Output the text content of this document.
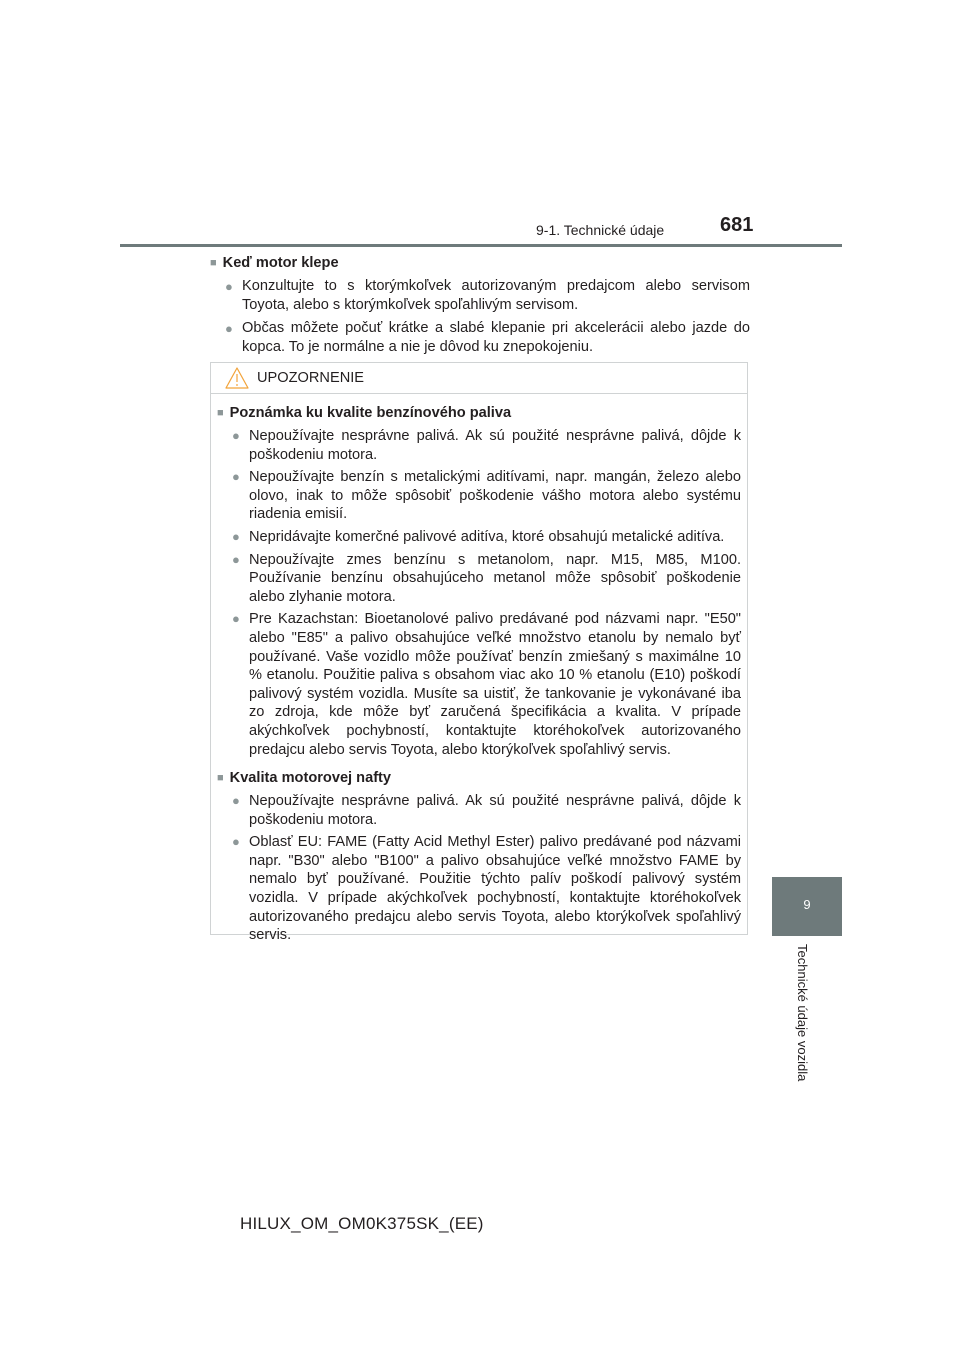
9-1. Technické údaje	681
9
Technické údaje vozidla

■ Keď motor klepe

● Konzultujte to s ktorýmkoľvek autorizovaným predajcom alebo servisom Toyota, alebo s ktorýmkoľvek spoľahlivým servisom.
● Občas môžete počuť krátke a slabé klepanie pri akcelerácii alebo jazde do kopca. To je normálne a nie je dôvod ku znepokojeniu.
UPOZORNENIE

■ Poznámka ku kvalite benzínového paliva

● Nepoužívajte nesprávne palivá. Ak sú použité nesprávne palivá, dôjde k poškodeniu motora.
● Nepoužívajte benzín s metalickými aditívami, napr. mangán, železo alebo olovo, inak to môže spôsobiť poškodenie vášho motora alebo systému riadenia emisií.
● Nepridávajte komerčné palivové aditíva, ktoré obsahujú metalické aditíva.
● Nepoužívajte zmes benzínu s metanolom, napr. M15, M85, M100. Používanie benzínu obsahujúceho metanol môže spôsobiť poškodenie alebo zlyhanie motora.
● Pre Kazachstan: Bioetanolové palivo predávané pod názvami napr. "E50" alebo "E85" a palivo obsahujúce veľké množstvo etanolu by nemalo byť používané. Vaše vozidlo môže používať benzín zmiešaný s maximálne 10 % etanolu. Použitie paliva s obsahom viac ako 10 % etanolu (E10) poškodí palivový systém vozidla. Musíte sa uistiť, že tankovanie je vykonávané iba zo zdroja, kde môže byť zaručená špecifikácia a kvalita. V prípade akýchkoľvek pochybností, kontaktujte ktoréhokoľvek autorizovaného predajcu alebo servis Toyota, alebo ktorýkoľvek spoľahlivý servis.

■ Kvalita motorovej nafty

● Nepoužívajte nesprávne palivá. Ak sú použité nesprávne palivá, dôjde k poškodeniu motora.
● Oblasť EU: FAME (Fatty Acid Methyl Ester) palivo predávané pod názvami napr. "B30" alebo "B100" a palivo obsahujúce veľké množstvo FAME by nemalo byť používané. Použitie týchto palív poškodí palivový systém vozidla. V prípade akýchkoľvek pochybností, kontaktujte ktoréhokoľvek autorizovaného predajcu alebo servis Toyota, alebo ktorýkoľvek spoľahlivý servis.
HILUX_OM_OM0K375SK_(EE)
